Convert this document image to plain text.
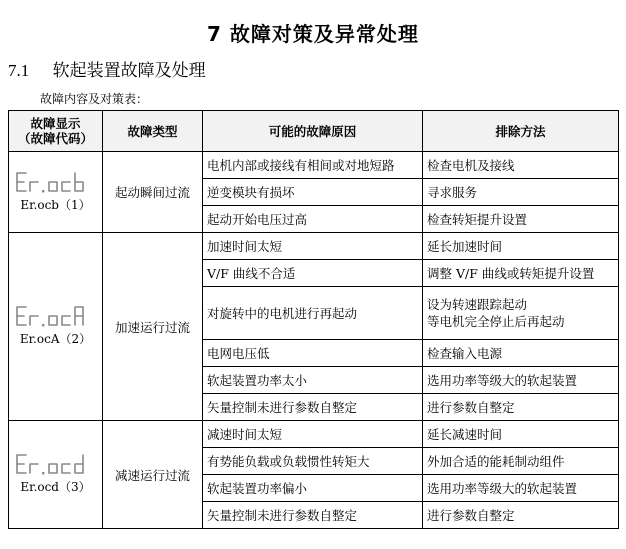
7 故障对策及异常处理
7.1 软起装置故障及处理
故障内容及对策表：
故障显示
（故障代码）	故障类型	可能的故障原因	排除方法

Er.ocb（1）	起动瞬间过流	电机内部或接线有相间或对地短路	检查电机及接线
		逆变模块有损坏	寻求服务
		起动开始电压过高	检查转矩提升设置

Er.ocA（2）	加速运行过流	加速时间太短	延长加速时间
		V/F 曲线不合适	调整 V/F 曲线或转矩提升设置
		对旋转中的电机进行再起动	设为转速跟踪起动
等电机完全停止后再起动
		电网电压低	检查输入电源
		软起装置功率太小	选用功率等级大的软起装置
		矢量控制未进行参数自整定	进行参数自整定

Er.ocd（3）	减速运行过流	减速时间太短	延长减速时间
		有势能负载或负载惯性转矩大	外加合适的能耗制动组件
		软起装置功率偏小	选用功率等级大的软起装置
		矢量控制未进行参数自整定	进行参数自整定
